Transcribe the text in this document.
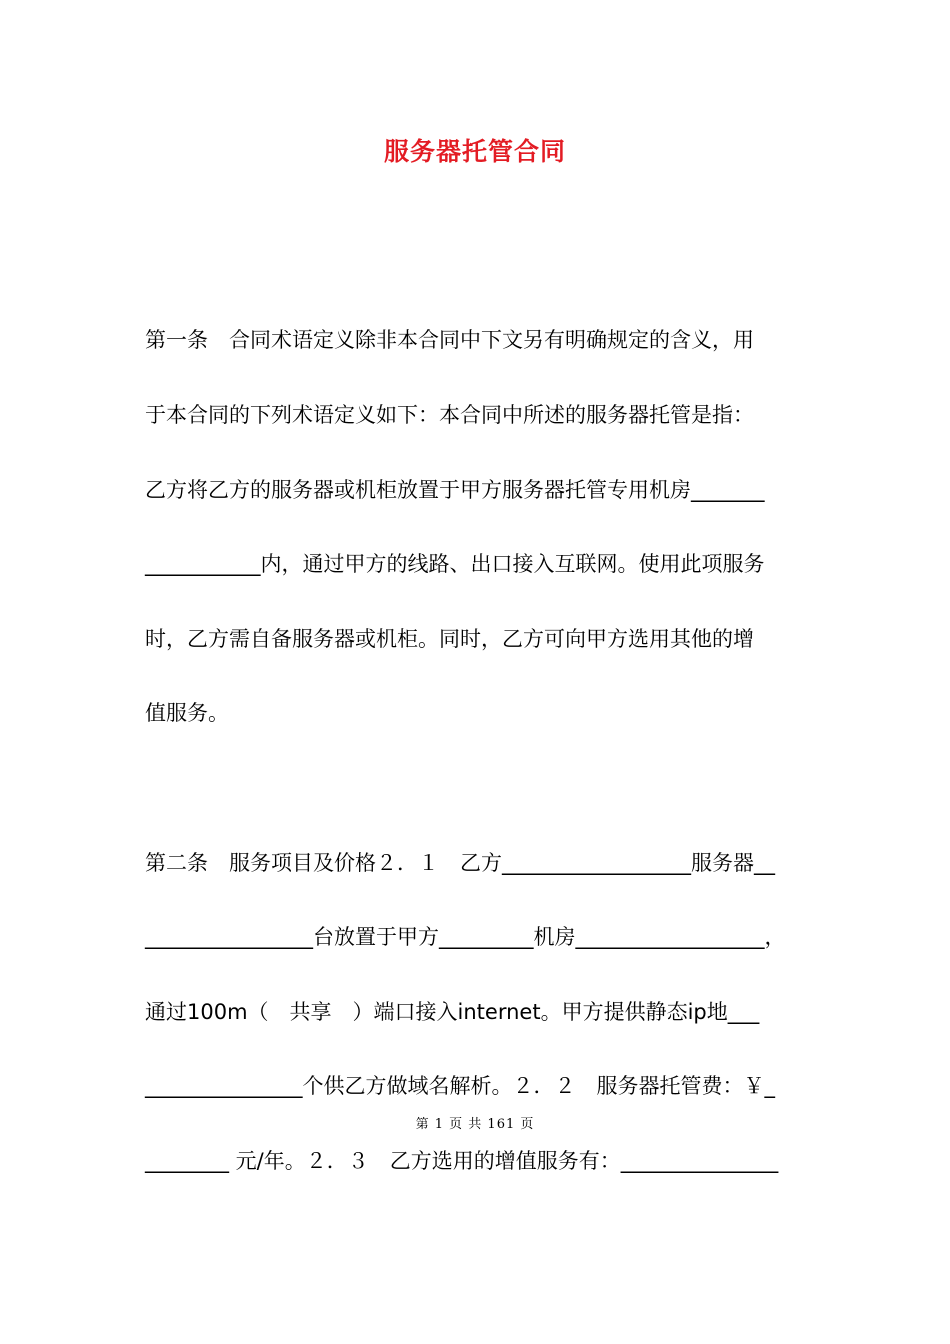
服务器托管合同
第一条　合同术语定义除非本合同中下文另有明确规定的含义，用
于本合同的下列术语定义如下：本合同中所述的服务器托管是指：
乙方将乙方的服务器或机柜放置于甲方服务器托管专用机房_______
___________内，通过甲方的线路、出口接入互联网。使用此项服务
时，乙方需自备服务器或机柜。同时，乙方可向甲方选用其他的增
值服务。
第二条　服务项目及价格２．１　乙方__________________服务器__
________________台放置于甲方_________机房__________________，
通过100m（　共享　）端口接入internet。甲方提供静态ip地___
_______________个供乙方做域名解析。２．２　服务器托管费：￥_
第 1 页 共 161 页
________ 元/年。２．３　乙方选用的增值服务有：_______________
